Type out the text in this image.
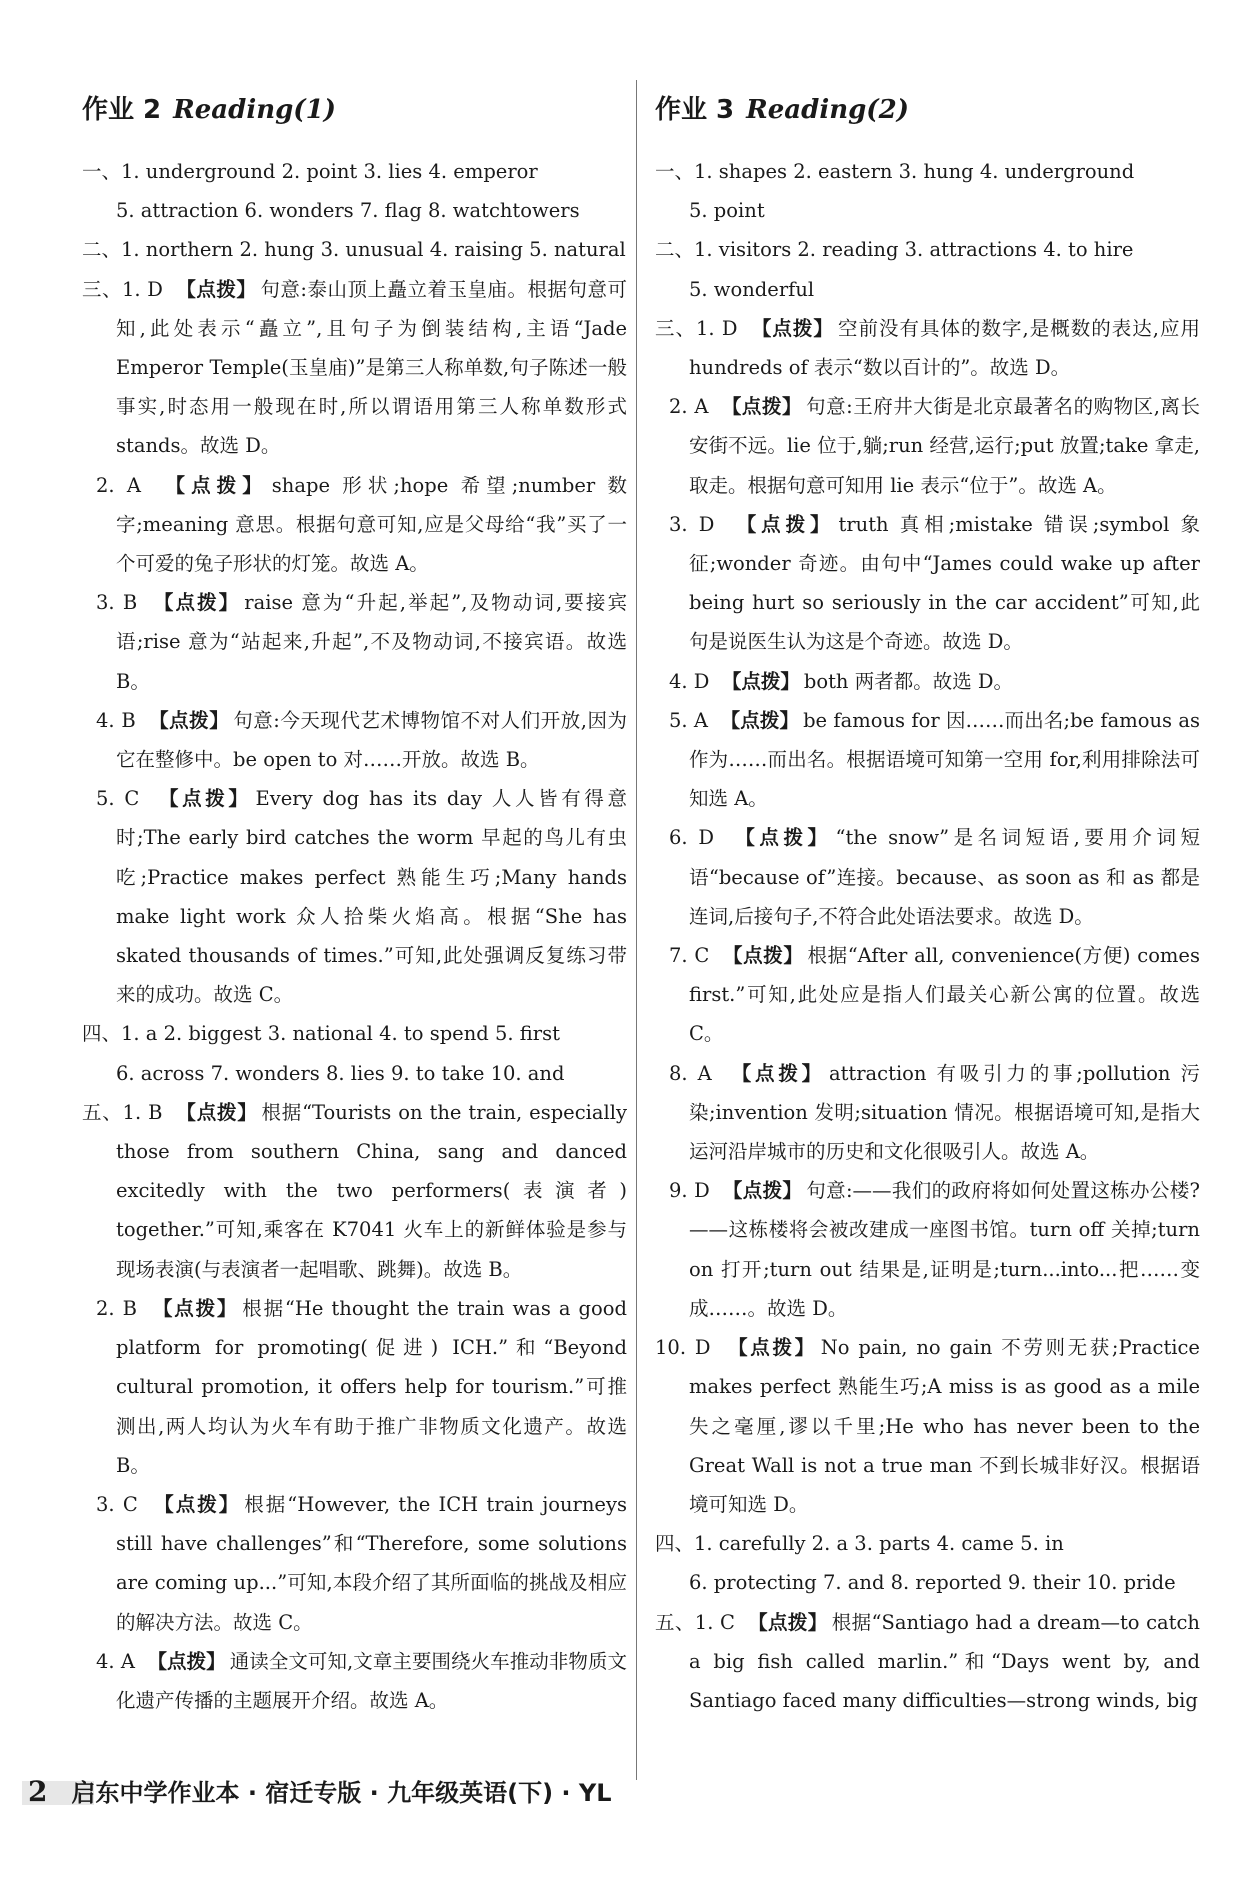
作业 2 Reading(1)
一、1. underground 2. point 3. lies 4. emperor
5. attraction 6. wonders 7. flag 8. watchtowers
二、1. northern 2. hung 3. unusual 4. raising 5. natural
三、1. D 【点拨】 句意:泰山顶上矗立着玉皇庙。根据句意可知,此处表示“矗立”,且句子为倒装结构,主语“Jade Emperor Temple(玉皇庙)”是第三人称单数,句子陈述一般事实,时态用一般现在时,所以谓语用第三人称单数形式 stands。故选 D。
2. A 【点拨】 shape 形状;hope 希望;number 数字;meaning 意思。根据句意可知,应是父母给“我”买了一个可爱的兔子形状的灯笼。故选 A。
3. B 【点拨】 raise 意为“升起,举起”,及物动词,要接宾语;rise 意为“站起来,升起”,不及物动词,不接宾语。故选 B。
4. B 【点拨】 句意:今天现代艺术博物馆不对人们开放,因为它在整修中。be open to 对……开放。故选 B。
5. C 【点拨】 Every dog has its day 人人皆有得意时;The early bird catches the worm 早起的鸟儿有虫吃;Practice makes perfect 熟能生巧;Many hands make light work 众人拾柴火焰高。根据“She has skated thousands of times.”可知,此处强调反复练习带来的成功。故选 C。
四、1. a 2. biggest 3. national 4. to spend 5. first
6. across 7. wonders 8. lies 9. to take 10. and
五、1. B 【点拨】 根据“Tourists on the train, especially those from southern China, sang and danced excitedly with the two performers(表演者) together.”可知,乘客在 K7041 火车上的新鲜体验是参与现场表演(与表演者一起唱歌、跳舞)。故选 B。
2. B 【点拨】 根据“He thought the train was a good platform for promoting(促进) ICH.”和“Beyond cultural promotion, it offers help for tourism.”可推测出,两人均认为火车有助于推广非物质文化遗产。故选 B。
3. C 【点拨】 根据“However, the ICH train journeys still have challenges”和“Therefore, some solutions are coming up...”可知,本段介绍了其所面临的挑战及相应的解决方法。故选 C。
4. A 【点拨】 通读全文可知,文章主要围绕火车推动非物质文化遗产传播的主题展开介绍。故选 A。
作业 3 Reading(2)
一、1. shapes 2. eastern 3. hung 4. underground
5. point
二、1. visitors 2. reading 3. attractions 4. to hire
5. wonderful
三、1. D 【点拨】 空前没有具体的数字,是概数的表达,应用 hundreds of 表示“数以百计的”。故选 D。
2. A 【点拨】 句意:王府井大街是北京最著名的购物区,离长安街不远。lie 位于,躺;run 经营,运行;put 放置;take 拿走,取走。根据句意可知用 lie 表示“位于”。故选 A。
3. D 【点拨】 truth 真相;mistake 错误;symbol 象征;wonder 奇迹。由句中“James could wake up after being hurt so seriously in the car accident”可知,此句是说医生认为这是个奇迹。故选 D。
4. D 【点拨】 both 两者都。故选 D。
5. A 【点拨】 be famous for 因……而出名;be famous as 作为……而出名。根据语境可知第一空用 for,利用排除法可知选 A。
6. D 【点拨】 “the snow”是名词短语,要用介词短语“because of”连接。because、as soon as 和 as 都是连词,后接句子,不符合此处语法要求。故选 D。
7. C 【点拨】 根据“After all, convenience(方便) comes first.”可知,此处应是指人们最关心新公寓的位置。故选 C。
8. A 【点拨】 attraction 有吸引力的事;pollution 污染;invention 发明;situation 情况。根据语境可知,是指大运河沿岸城市的历史和文化很吸引人。故选 A。
9. D 【点拨】 句意:——我们的政府将如何处置这栋办公楼?——这栋楼将会被改建成一座图书馆。turn off 关掉;turn on 打开;turn out 结果是,证明是;turn...into...把……变成……。故选 D。
10. D 【点拨】 No pain, no gain 不劳则无获;Practice makes perfect 熟能生巧;A miss is as good as a mile 失之毫厘,谬以千里;He who has never been to the Great Wall is not a true man 不到长城非好汉。根据语境可知选 D。
四、1. carefully 2. a 3. parts 4. came 5. in
6. protecting 7. and 8. reported 9. their 10. pride
五、1. C 【点拨】 根据“Santiago had a dream—to catch a big fish called marlin.”和“Days went by, and Santiago faced many difficulties—strong winds, big
2 启东中学作业本 · 宿迁专版 · 九年级英语(下) · YL
